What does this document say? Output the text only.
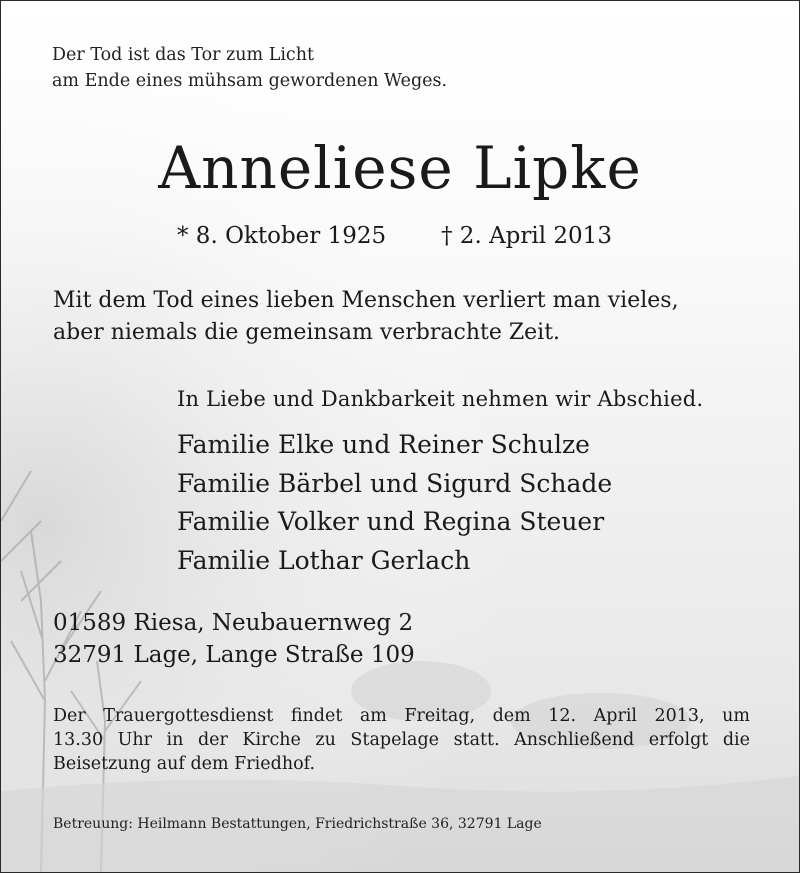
Der Tod ist das Tor zum Licht
am Ende eines mühsam gewordenen Weges.
Anneliese Lipke
* 8. Oktober 1925 † 2. April 2013
Mit dem Tod eines lieben Menschen verliert man vieles,
aber niemals die gemeinsam verbrachte Zeit.
In Liebe und Dankbarkeit nehmen wir Abschied.
Familie Elke und Reiner Schulze
Familie Bärbel und Sigurd Schade
Familie Volker und Regina Steuer
Familie Lothar Gerlach
01589 Riesa, Neubauernweg 2
32791 Lage, Lange Straße 109
Der Trauergottesdienst findet am Freitag, dem 12. April 2013, um
13.30 Uhr in der Kirche zu Stapelage statt. Anschließend erfolgt die
Beisetzung auf dem Friedhof.
Betreuung: Heilmann Bestattungen, Friedrichstraße 36, 32791 Lage
